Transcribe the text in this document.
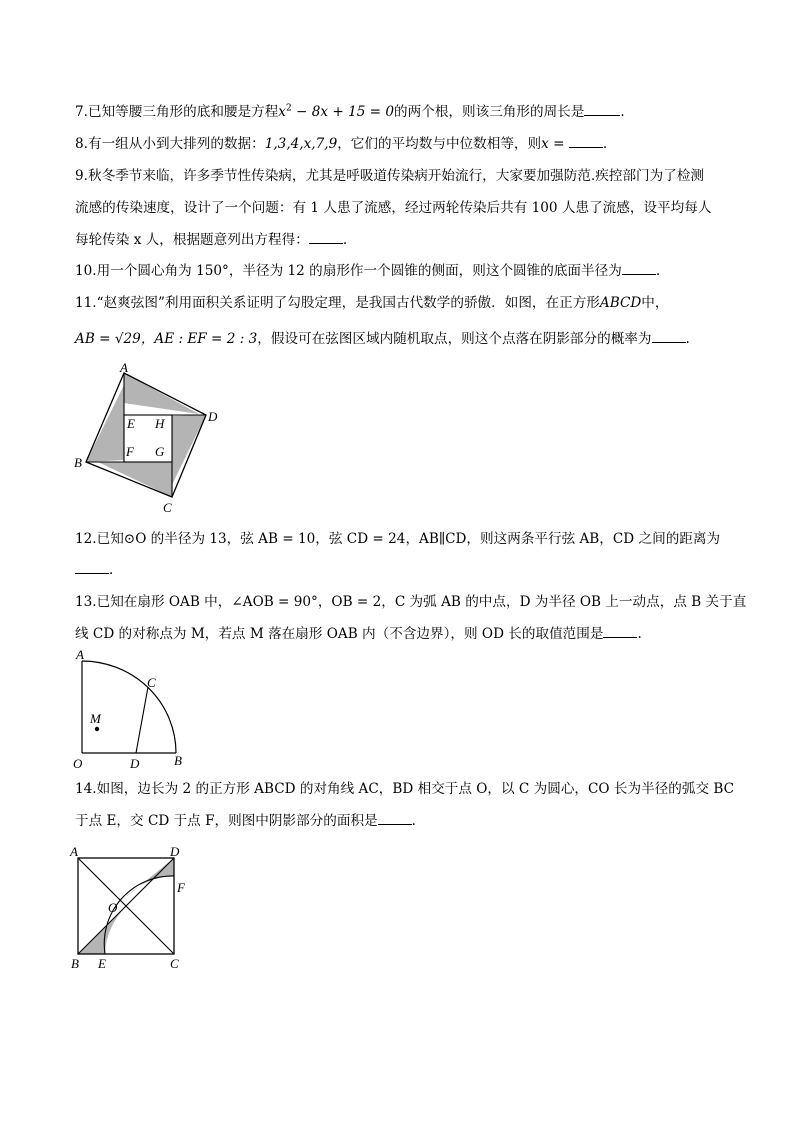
7.已知等腰三角形的底和腰是方程$x^2 - 8x + 15 = 0$的两个根，则该三角形的周长是	.
8.有一组从小到大排列的数据：1,3,4,x,7,9，它们的平均数与中位数相等，则x =	.
9.秋冬季节来临，许多季节性传染病，尤其是呼吸道传染病开始流行，大家要加强防范.疾控部门为了检测
流感的传染速度，设计了一个问题：有 1 人患了流感，经过两轮传染后共有 100 人患了流感，设平均每人
每轮传染 x 人，根据题意列出方程得：	.
10.用一个圆心角为 150°，半径为 12 的扇形作一个圆锥的侧面，则这个圆锥的底面半径为	.
11.“赵爽弦图”利用面积关系证明了勾股定理，是我国古代数学的骄傲．如图，在正方形ABCD中，
AB = √29，AE : EF = 2 : 3，假设可在弦图区域内随机取点，则这个点落在阴影部分的概率为	.
A
D
B
C
E H
F G
12.已知⊙O 的半径为 13，弦 AB = 10，弦 CD = 24，AB∥CD，则这两条平行弦 AB，CD 之间的距离为
.
13.已知在扇形 OAB 中，∠AOB = 90°，OB = 2，C 为弧 AB 的中点，D 为半径 OB 上一动点，点 B 关于直
线 CD 的对称点为 M，若点 M 落在扇形 OAB 内（不含边界），则 OD 长的取值范围是	.
A
C
M
O	D	B
14.如图，边长为 2 的正方形 ABCD 的对角线 AC，BD 相交于点 O，以 C 为圆心，CO 长为半径的弧交 BC
于点 E，交 CD 于点 F，则图中阴影部分的面积是	.
A	D
F
O
B E	C
